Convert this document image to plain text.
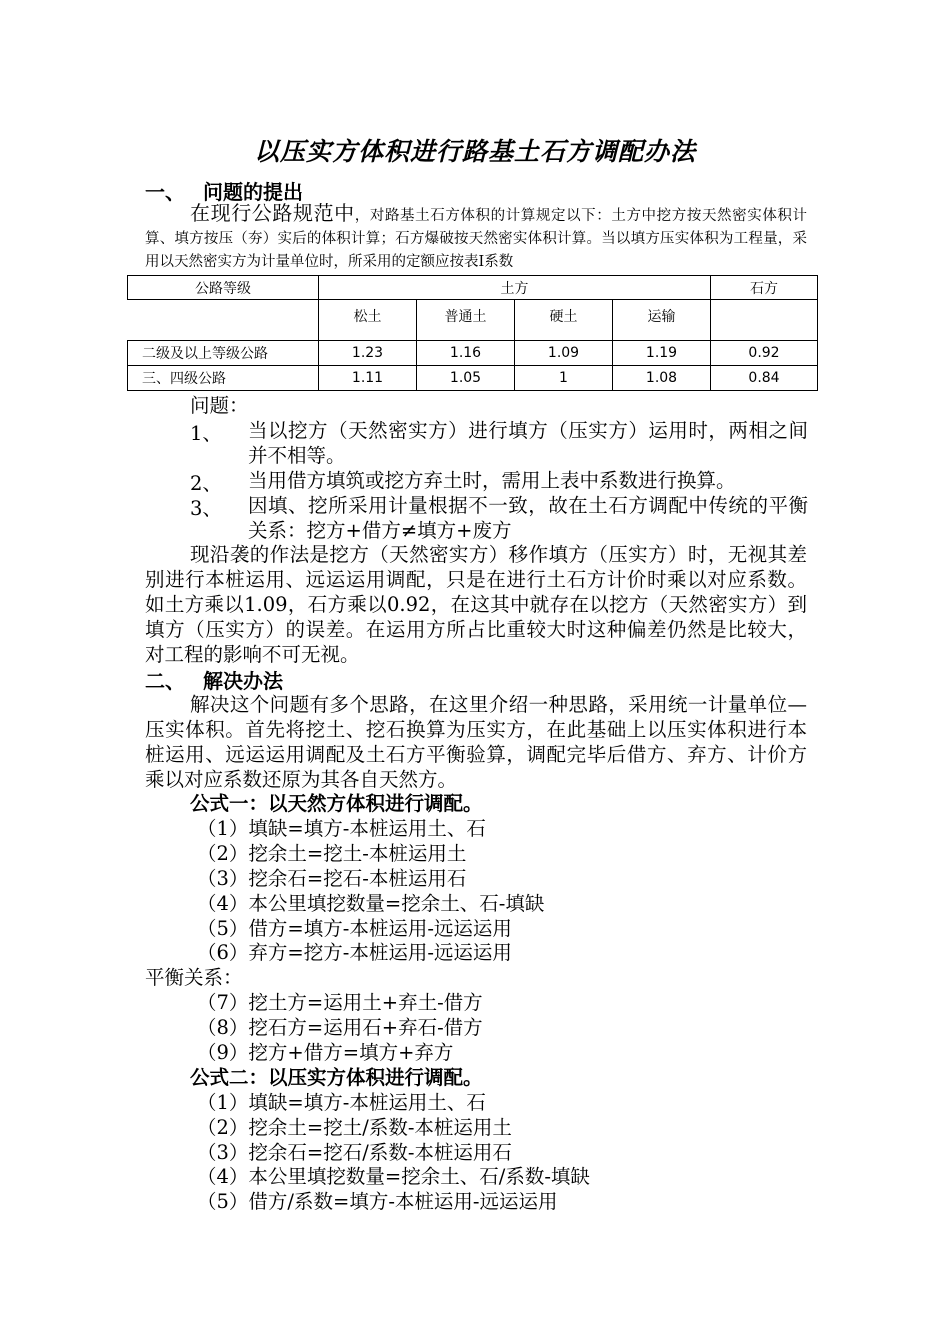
以压实方体积进行路基土石方调配办法
一、 问题的提出
在现行公路规范中，对路基土石方体积的计算规定以下：土方中挖方按天然密实体积计算、填方按压（夯）实后的体积计算；石方爆破按天然密实体积计算。当以填方压实体积为工程量，采用以天然密实方为计量单位时，所采用的定额应按表Ⅰ系数
公路等级	土方				石方
	松土	普通土	硬土	运输	
二级及以上等级公路	1.23	1.16	1.09	1.19	0.92
三、四级公路	1.11	1.05	1	1.08	0.84
问题：
1、 当以挖方（天然密实方）进行填方（压实方）运用时，两相之间并不相等。
2、 当用借方填筑或挖方弃土时，需用上表中系数进行换算。
3、 因填、挖所采用计量根据不一致，故在土石方调配中传统的平衡关系：挖方+借方≠填方+废方
现沿袭的作法是挖方（天然密实方）移作填方（压实方）时，无视其差别进行本桩运用、远运运用调配，只是在进行土石方计价时乘以对应系数。如土方乘以1.09，石方乘以0.92，在这其中就存在以挖方（天然密实方）到填方（压实方）的误差。在运用方所占比重较大时这种偏差仍然是比较大，对工程的影响不可无视。
二、 解决办法
解决这个问题有多个思路，在这里介绍一种思路，采用统一计量单位—压实体积。首先将挖土、挖石换算为压实方，在此基础上以压实体积进行本桩运用、远运运用调配及土石方平衡验算，调配完毕后借方、弃方、计价方乘以对应系数还原为其各自天然方。
公式一：以天然方体积进行调配。
（1）填缺=填方-本桩运用土、石
（2）挖余土=挖土-本桩运用土
（3）挖余石=挖石-本桩运用石
（4）本公里填挖数量=挖余土、石-填缺
（5）借方=填方-本桩运用-远运运用
（6）弃方=挖方-本桩运用-远运运用
平衡关系：
（7）挖土方=运用土+弃土-借方
（8）挖石方=运用石+弃石-借方
（9）挖方+借方=填方+弃方
公式二：以压实方体积进行调配。
（1）填缺=填方-本桩运用土、石
（2）挖余土=挖土/系数-本桩运用土
（3）挖余石=挖石/系数-本桩运用石
（4）本公里填挖数量=挖余土、石/系数-填缺
（5）借方/系数=填方-本桩运用-远运运用
